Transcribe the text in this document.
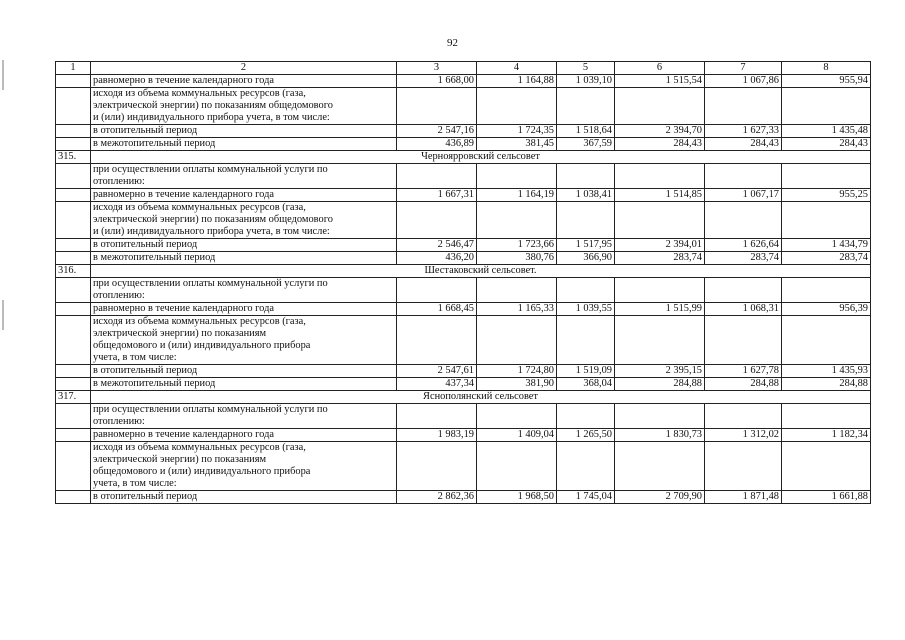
92
1	2	3	4	5	6	7	8
	равномерно в течение календарного года	1 668,00	1 164,88	1 039,10	1 515,54	1 067,86	955,94

	исходя из объема коммунальных ресурсов (газа,
электрической энергии) по показаниям общедомового
и (или) индивидуального прибора учета, в том числе:						

	в отопительный период	2 547,16	1 724,35	1 518,64	2 394,70	1 627,33	1 435,48
	в межотопительный период	436,89	381,45	367,59	284,43	284,43	284,43
315.	Черноярровский сельсовет						

	при осуществлении оплаты коммунальной услуги по
отоплению:						

	равномерно в течение календарного года	1 667,31	1 164,19	1 038,41	1 514,85	1 067,17	955,25

	исходя из объема коммунальных ресурсов (газа,
электрической энергии) по показаниям общедомового
и (или) индивидуального прибора учета, в том числе:						

	в отопительный период	2 546,47	1 723,66	1 517,95	2 394,01	1 626,64	1 434,79
	в межотопительный период	436,20	380,76	366,90	283,74	283,74	283,74
316.	Шестаковский сельсовет.						

	при осуществлении оплаты коммунальной услуги по
отоплению:						

	равномерно в течение календарного года	1 668,45	1 165,33	1 039,55	1 515,99	1 068,31	956,39

	исходя из объема коммунальных ресурсов (газа,
электрической энергии) по показаниям
общедомового и (или) индивидуального прибора
учета, в том числе:						

	в отопительный период	2 547,61	1 724,80	1 519,09	2 395,15	1 627,78	1 435,93
	в межотопительный период	437,34	381,90	368,04	284,88	284,88	284,88
317.	Яснополянский сельсовет						

	при осуществлении оплаты коммунальной услуги по
отоплению:						

	равномерно в течение календарного года	1 983,19	1 409,04	1 265,50	1 830,73	1 312,02	1 182,34

	исходя из объема коммунальных ресурсов (газа,
электрической энергии) по показаниям
общедомового и (или) индивидуального прибора
учета, в том числе:						

	в отопительный период	2 862,36	1 968,50	1 745,04	2 709,90	1 871,48	1 661,88
